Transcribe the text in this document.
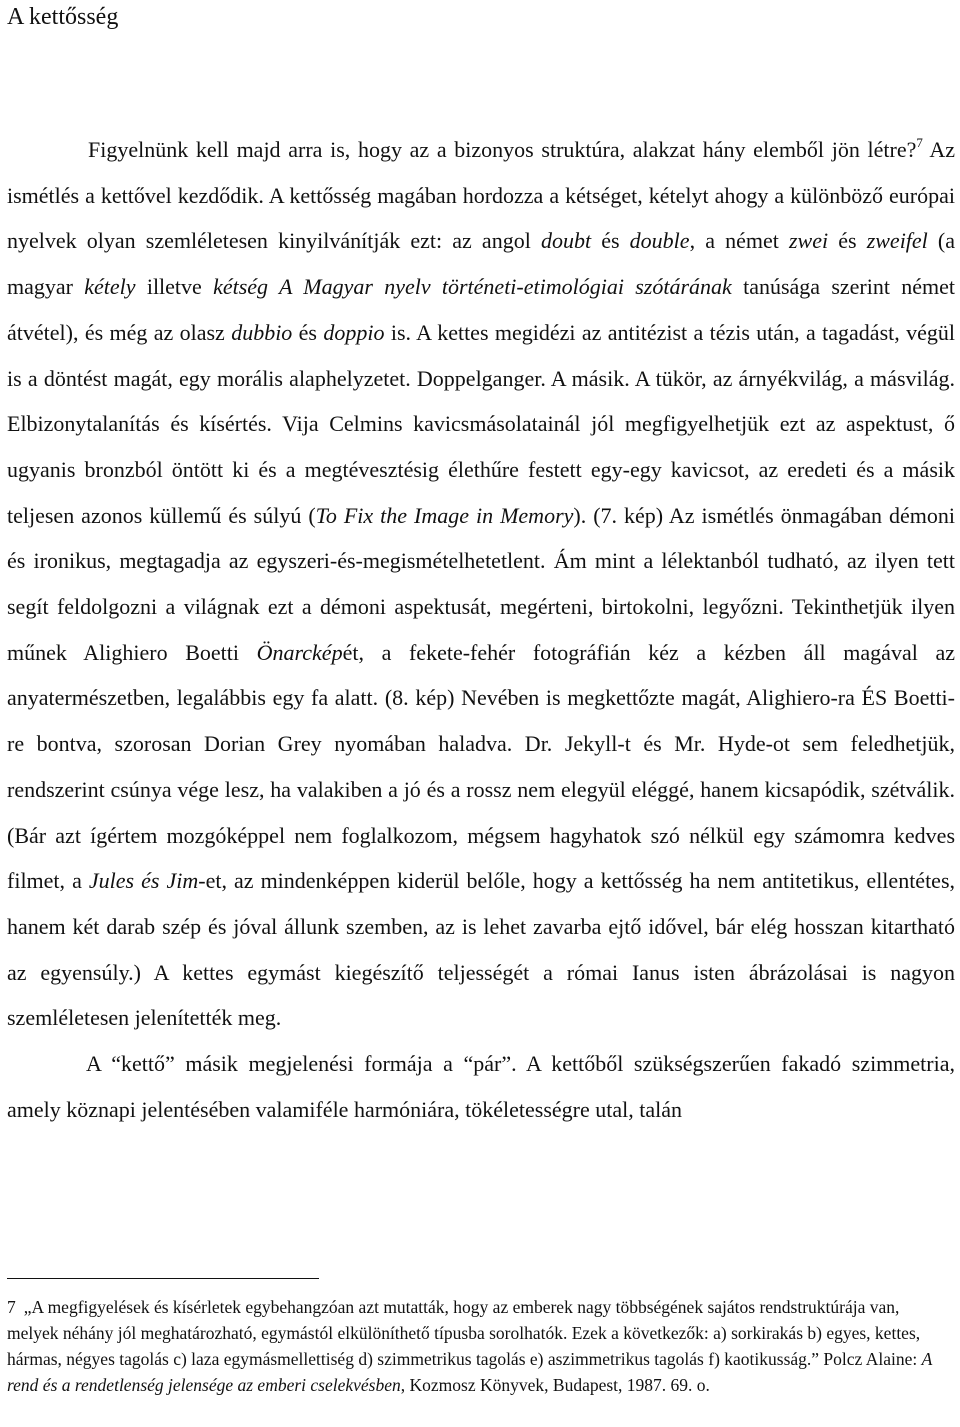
A kettősség

Figyelnünk kell majd arra is, hogy az a bizonyos struktúra, alakzat hány elemből jön létre?$^7$ Az ismétlés a kettővel kezdődik. A kettősség magában hordozza a kétséget, kételyt ahogy a különböző európai nyelvek olyan szemléletesen kinyilvánítják ezt: az angol doubt és double, a német zwei és zweifel (a magyar kétely illetve kétség A Magyar nyelv történeti-etimológiai szótárának tanúsága szerint német átvétel), és még az olasz dubbio és doppio is. A kettes megidézi az antitézist a tézis után, a tagadást, végül is a döntést magát, egy morális alaphelyzetet. Doppelganger. A másik. A tükör, az árnyékvilág, a másvilág. Elbizonytalanítás és kísértés. Vija Celmins kavicsmásolatainál jól megfigyelhetjük ezt az aspektust, ő ugyanis bronzból öntött ki és a megtévesztésig élethűre festett egy-egy kavicsot, az eredeti és a másik teljesen azonos küllemű és súlyú (To Fix the Image in Memory). (7. kép) Az ismétlés önmagában démoni és ironikus, megtagadja az egyszeri-és-megismételhetetlent. Ám mint a lélektanból tudható, az ilyen tett segít feldolgozni a világnak ezt a démoni aspektusát, megérteni, birtokolni, legyőzni. Tekinthetjük ilyen műnek Alighiero Boetti Önarcképét, a fekete-fehér fotográfián kéz a kézben áll magával az anyatermészetben, legalábbis egy fa alatt. (8. kép) Nevében is megkettőzte magát, Alighiero-ra ÉS Boetti-re bontva, szorosan Dorian Grey nyomában haladva. Dr. Jekyll-t és Mr. Hyde-ot sem feledhetjük, rendszerint csúnya vége lesz, ha valakiben a jó és a rossz nem elegyül eléggé, hanem kicsapódik, szétválik. (Bár azt ígértem mozgóképpel nem foglalkozom, mégsem hagyhatok szó nélkül egy számomra kedves filmet, a Jules és Jim-et, az mindenképpen kiderül belőle, hogy a kettősség ha nem antitetikus, ellentétes, hanem két darab szép és jóval állunk szemben, az is lehet zavarba ejtő idővel, bár elég hosszan kitartható az egyensúly.) A kettes egymást kiegészítő teljességét a római Ianus isten ábrázolásai is nagyon szemléletesen jelenítették meg.

A “kettő” másik megjelenési formája a “pár”. A kettőből szükségszerűen fakadó szimmetria, amely köznapi jelentésében valamiféle harmóniára, tökéletességre utal, talán

7 „A megfigyelések és kísérletek egybehangzóan azt mutatták, hogy az emberek nagy többségének sajátos rendstruktúrája van, melyek néhány jól meghatározható, egymástól elkülöníthető típusba sorolhatók. Ezek a következők: a) sorkirakás b) egyes, kettes, hármas, négyes tagolás c) laza egymásmellettiség d) szimmetrikus tagolás e) aszimmetrikus tagolás f) kaotikusság.” Polcz Alaine: A rend és a rendetlenség jelensége az emberi cselekvésben, Kozmosz Könyvek, Budapest, 1987. 69. o.
